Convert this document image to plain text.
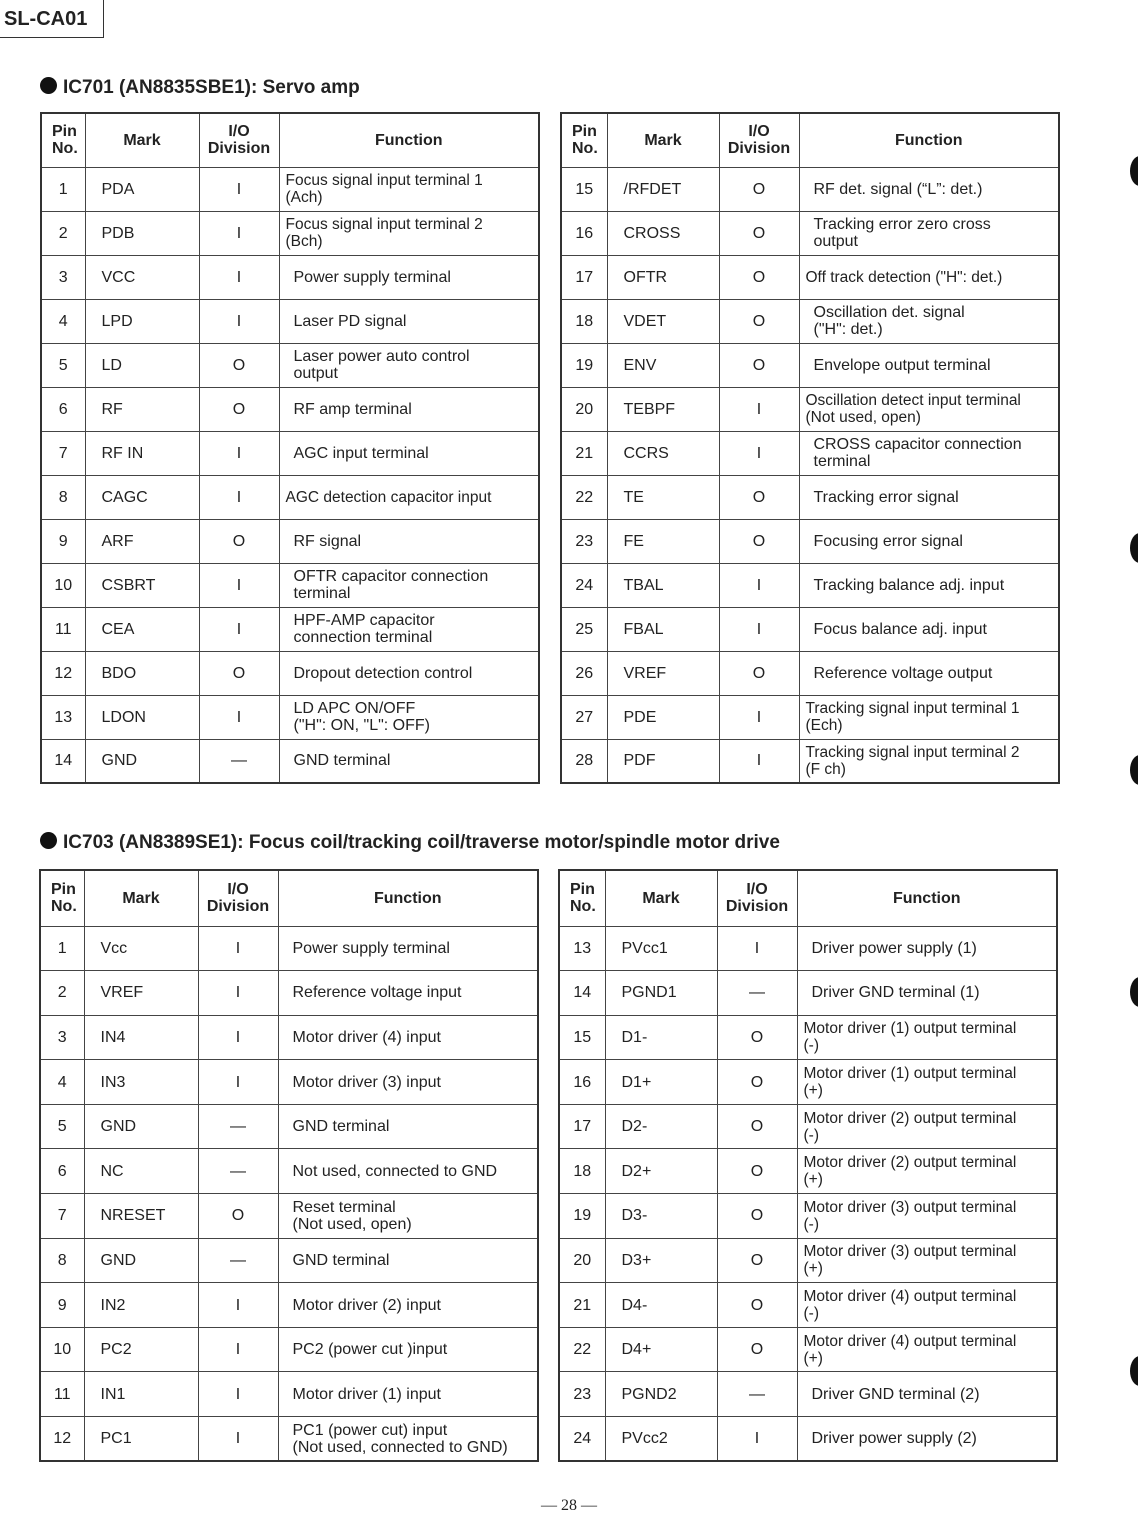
SL-CA01
IC701 (AN8835SBE1): Servo amp
Pin
No.	Mark	I/O
Division	Function
1	PDA	I	Focus signal input terminal 1
(Ach)
2	PDB	I	Focus signal input terminal 2
(Bch)
3	VCC	I	Power supply terminal
4	LPD	I	Laser PD signal
5	LD	O	Laser power auto control
output
6	RF	O	RF amp terminal
7	RF IN	I	AGC input terminal
8	CAGC	I	AGC detection capacitor input
9	ARF	O	RF signal
10	CSBRT	I	OFTR capacitor connection
terminal
11	CEA	I	HPF-AMP capacitor
connection terminal
12	BDO	O	Dropout detection control
13	LDON	I	LD APC ON/OFF
("H": ON, "L": OFF)
14	GND	—	GND terminal
Pin
No.	Mark	I/O
Division	Function
15	/RFDET	O	RF det. signal (“L”: det.)
16	CROSS	O	Tracking error zero cross
output
17	OFTR	O	Off track detection ("H": det.)
18	VDET	O	Oscillation det. signal
("H": det.)
19	ENV	O	Envelope output terminal
20	TEBPF	I	Oscillation detect input terminal
(Not used, open)
21	CCRS	I	CROSS capacitor connection
terminal
22	TE	O	Tracking error signal
23	FE	O	Focusing error signal
24	TBAL	I	Tracking balance adj. input
25	FBAL	I	Focus balance adj. input
26	VREF	O	Reference voltage output
27	PDE	I	Tracking signal input terminal 1
(Ech)
28	PDF	I	Tracking signal input terminal 2
(F ch)
IC703 (AN8389SE1): Focus coil/tracking coil/traverse motor/spindle motor drive
Pin
No.	Mark	I/O
Division	Function
1	Vcc	I	Power supply terminal
2	VREF	I	Reference voltage input
3	IN4	I	Motor driver (4) input
4	IN3	I	Motor driver (3) input
5	GND	—	GND terminal
6	NC	—	Not used, connected to GND
7	NRESET	O	Reset terminal
(Not used, open)
8	GND	—	GND terminal
9	IN2	I	Motor driver (2) input
10	PC2	I	PC2 (power cut )input
11	IN1	I	Motor driver (1) input
12	PC1	I	PC1 (power cut) input
(Not used, connected to GND)
Pin
No.	Mark	I/O
Division	Function
13	PVcc1	I	Driver power supply (1)
14	PGND1	—	Driver GND terminal (1)
15	D1-	O	Motor driver (1) output terminal
(-)
16	D1+	O	Motor driver (1) output terminal
(+)
17	D2-	O	Motor driver (2) output terminal
(-)
18	D2+	O	Motor driver (2) output terminal
(+)
19	D3-	O	Motor driver (3) output terminal
(-)
20	D3+	O	Motor driver (3) output terminal
(+)
21	D4-	O	Motor driver (4) output terminal
(-)
22	D4+	O	Motor driver (4) output terminal
(+)
23	PGND2	—	Driver GND terminal (2)
24	PVcc2	I	Driver power supply (2)
— 28 —
